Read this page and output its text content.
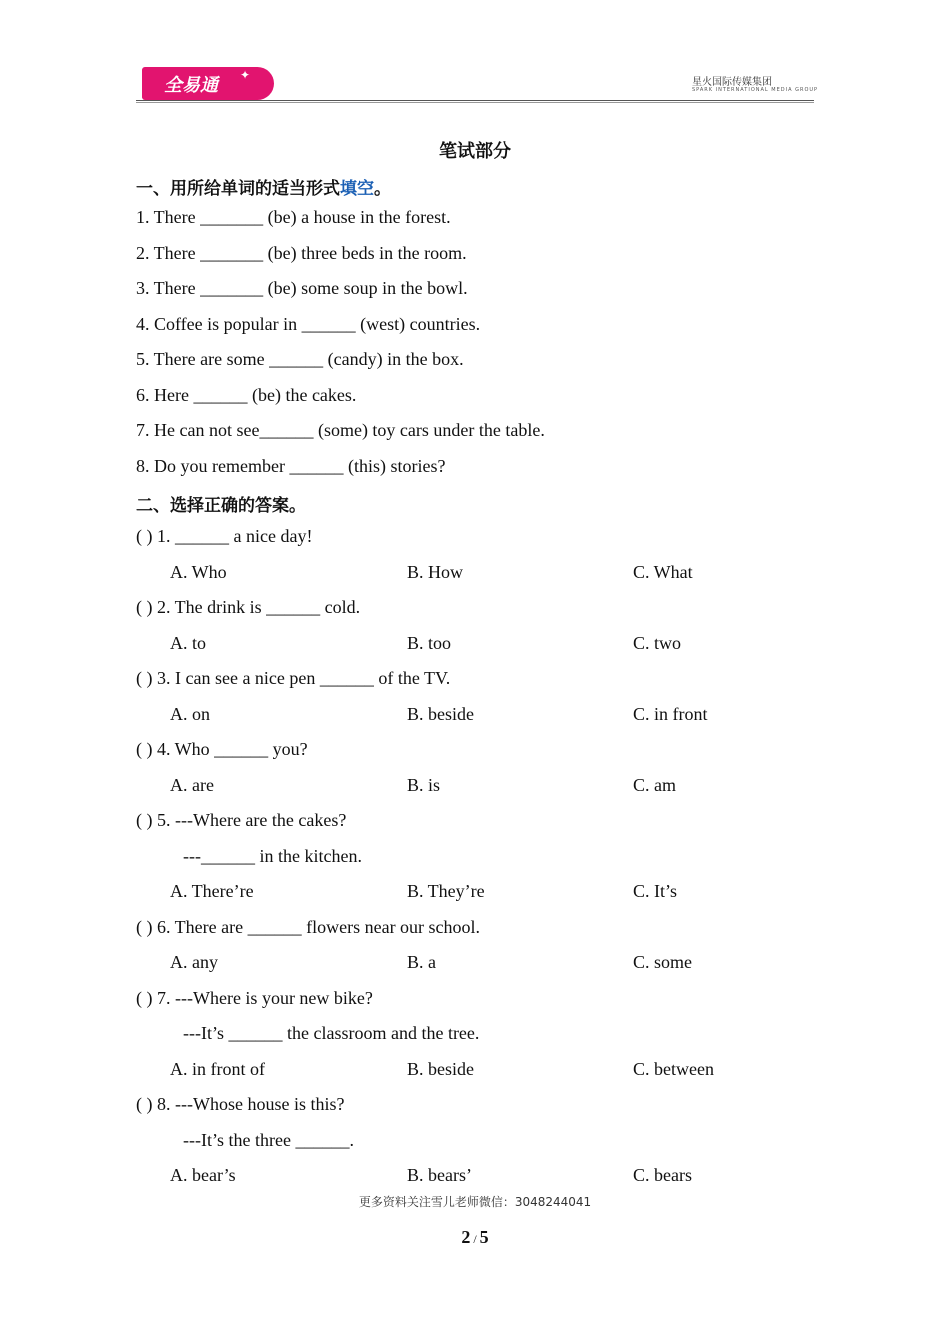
全易通 ✦
星火国际传媒集团
SPARK INTERNATIONAL MEDIA GROUP
笔试部分
一、用所给单词的适当形式填空。
1. There _______ (be) a house in the forest.
2. There _______ (be) three beds in the room.
3. There _______ (be) some soup in the bowl.
4. Coffee is popular in ______ (west) countries.
5. There are some ______ (candy) in the box.
6. Here ______ (be) the cakes.
7. He can not see______ (some) toy cars under the table.
8. Do you remember ______ (this) stories?
二、选择正确的答案。
( ) 1. ______ a nice day!
A. Who	B. How	C. What
( ) 2. The drink is ______ cold.
A. to	B. too	C. two
( ) 3. I can see a nice pen ______ of the TV.
A. on	B. beside	C. in front
( ) 4. Who ______ you?
A. are	B. is	C. am
( ) 5. ---Where are the cakes?
---______ in the kitchen.
A. There’re	B. They’re	C. It’s
( ) 6. There are ______ flowers near our school.
A. any	B. a	C. some
( ) 7. ---Where is your new bike?
---It’s ______ the classroom and the tree.
A. in front of	B. beside	C. between
( ) 8. ---Whose house is this?
---It’s the three ______.
A. bear’s	B. bears’	C. bears
更多资料关注雪儿老师微信：3048244041
2 / 5
